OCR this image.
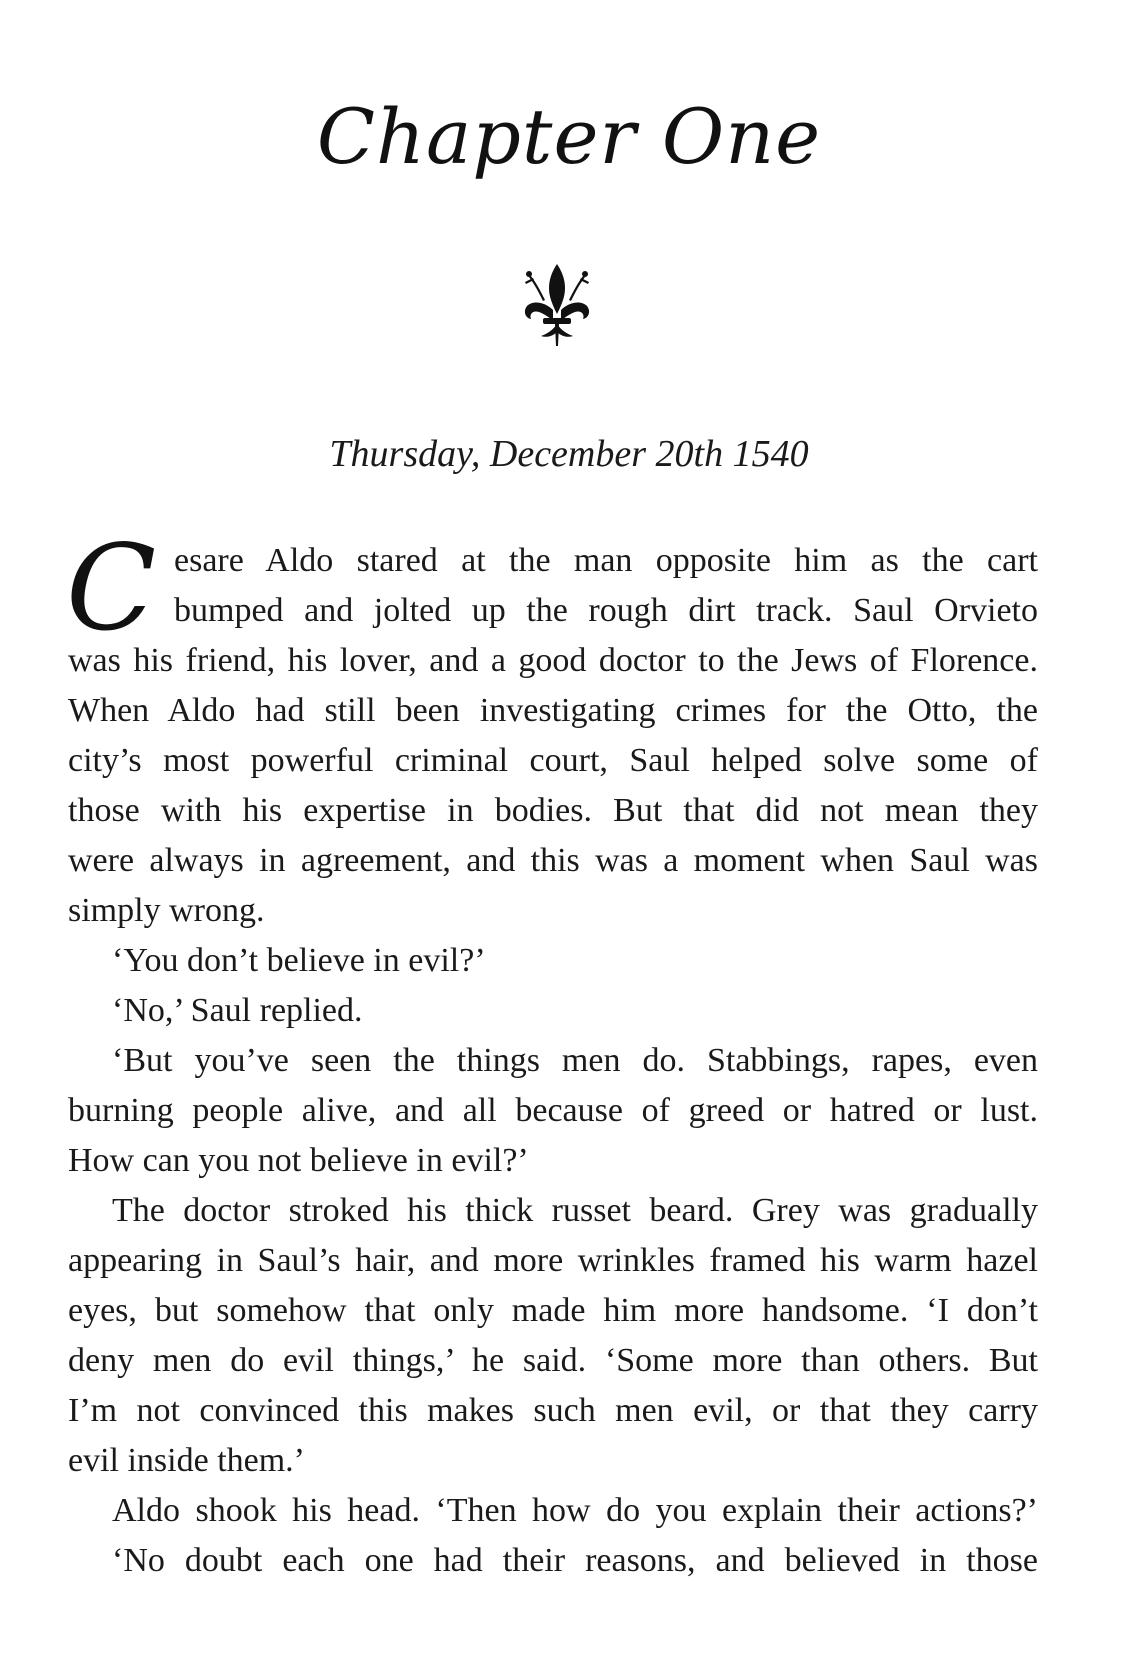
Chapter One
Thursday, December 20th 1540
C esare Aldo stared at the man opposite him as the cart
bumped and jolted up the rough dirt track. Saul Orvieto
was his friend, his lover, and a good doctor to the Jews of Florence.
When Aldo had still been investigating crimes for the Otto, the
city’s most powerful criminal court, Saul helped solve some of
those with his expertise in bodies. But that did not mean they
were always in agreement, and this was a moment when Saul was
simply wrong.
‘You don’t believe in evil?’
‘No,’ Saul replied.
‘But you’ve seen the things men do. Stabbings, rapes, even
burning people alive, and all because of greed or hatred or lust.
How can you not believe in evil?’
The doctor stroked his thick russet beard. Grey was gradually
appearing in Saul’s hair, and more wrinkles framed his warm hazel
eyes, but somehow that only made him more handsome. ‘I don’t
deny men do evil things,’ he said. ‘Some more than others. But
I’m not convinced this makes such men evil, or that they carry
evil inside them.’
Aldo shook his head. ‘Then how do you explain their actions?’
‘No doubt each one had their reasons, and believed in those
